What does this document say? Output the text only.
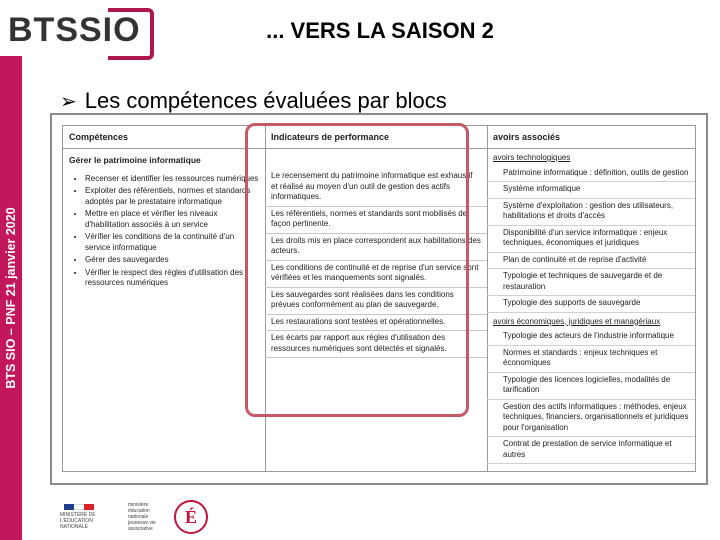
BTS SIO	... VERS LA SAISON 2
BTS SIO – PNF 21 janvier 2020
➢ Les compétences évaluées par blocs
Compétences
Gérer le patrimoine informatique
• Recenser et identifier les ressources numériques
• Exploiter des référentiels, normes et standards adoptés par le prestataire informatique
• Mettre en place et vérifier les niveaux d'habilitation associés à un service
• Vérifier les conditions de la continuité d'un service informatique
• Gérer des sauvegardes
• Vérifier le respect des règles d'utilisation des ressources numériques
Indicateurs de performance
Le recensement du patrimoine informatique est exhaustif et réalisé au moyen d'un outil de gestion des actifs informatiques.
Les référentiels, normes et standards sont mobilisés de façon pertinente.
Les droits mis en place correspondent aux habilitations des acteurs.
Les conditions de continuité et de reprise d'un service sont vérifiées et les manquements sont signalés.
Les sauvegardes sont réalisées dans les conditions prévues conformément au plan de sauvegarde.
Les restaurations sont testées et opérationnelles.
Les écarts par rapport aux règles d'utilisation des ressources numériques sont détectés et signalés.
avoirs associés
avoirs technologiques
Patrimoine informatique : définition, outils de gestion
Système informatique
Système d'exploitation : gestion des utilisateurs, habilitations et droits d'accès
Disponibilité d'un service informatique : enjeux techniques, économiques et juridiques
Plan de continuité et de reprise d'activité
Typologie et techniques de sauvegarde et de restauration
Typologie des supports de sauvegarde
avoirs économiques, juridiques et managériaux
Typologie des acteurs de l'industrie informatique
Normes et standards : enjeux techniques et économiques
Typologie des licences logicielles, modalités de tarification
Gestion des actifs informatiques : méthodes, enjeux techniques, financiers, organisationnels et juridiques pour l'organisation
Contrat de prestation de service informatique et autres
MINISTÈRE DE L'ÉDUCATION NATIONALE
ministère éducation nationale jeunesse vie associative
É
